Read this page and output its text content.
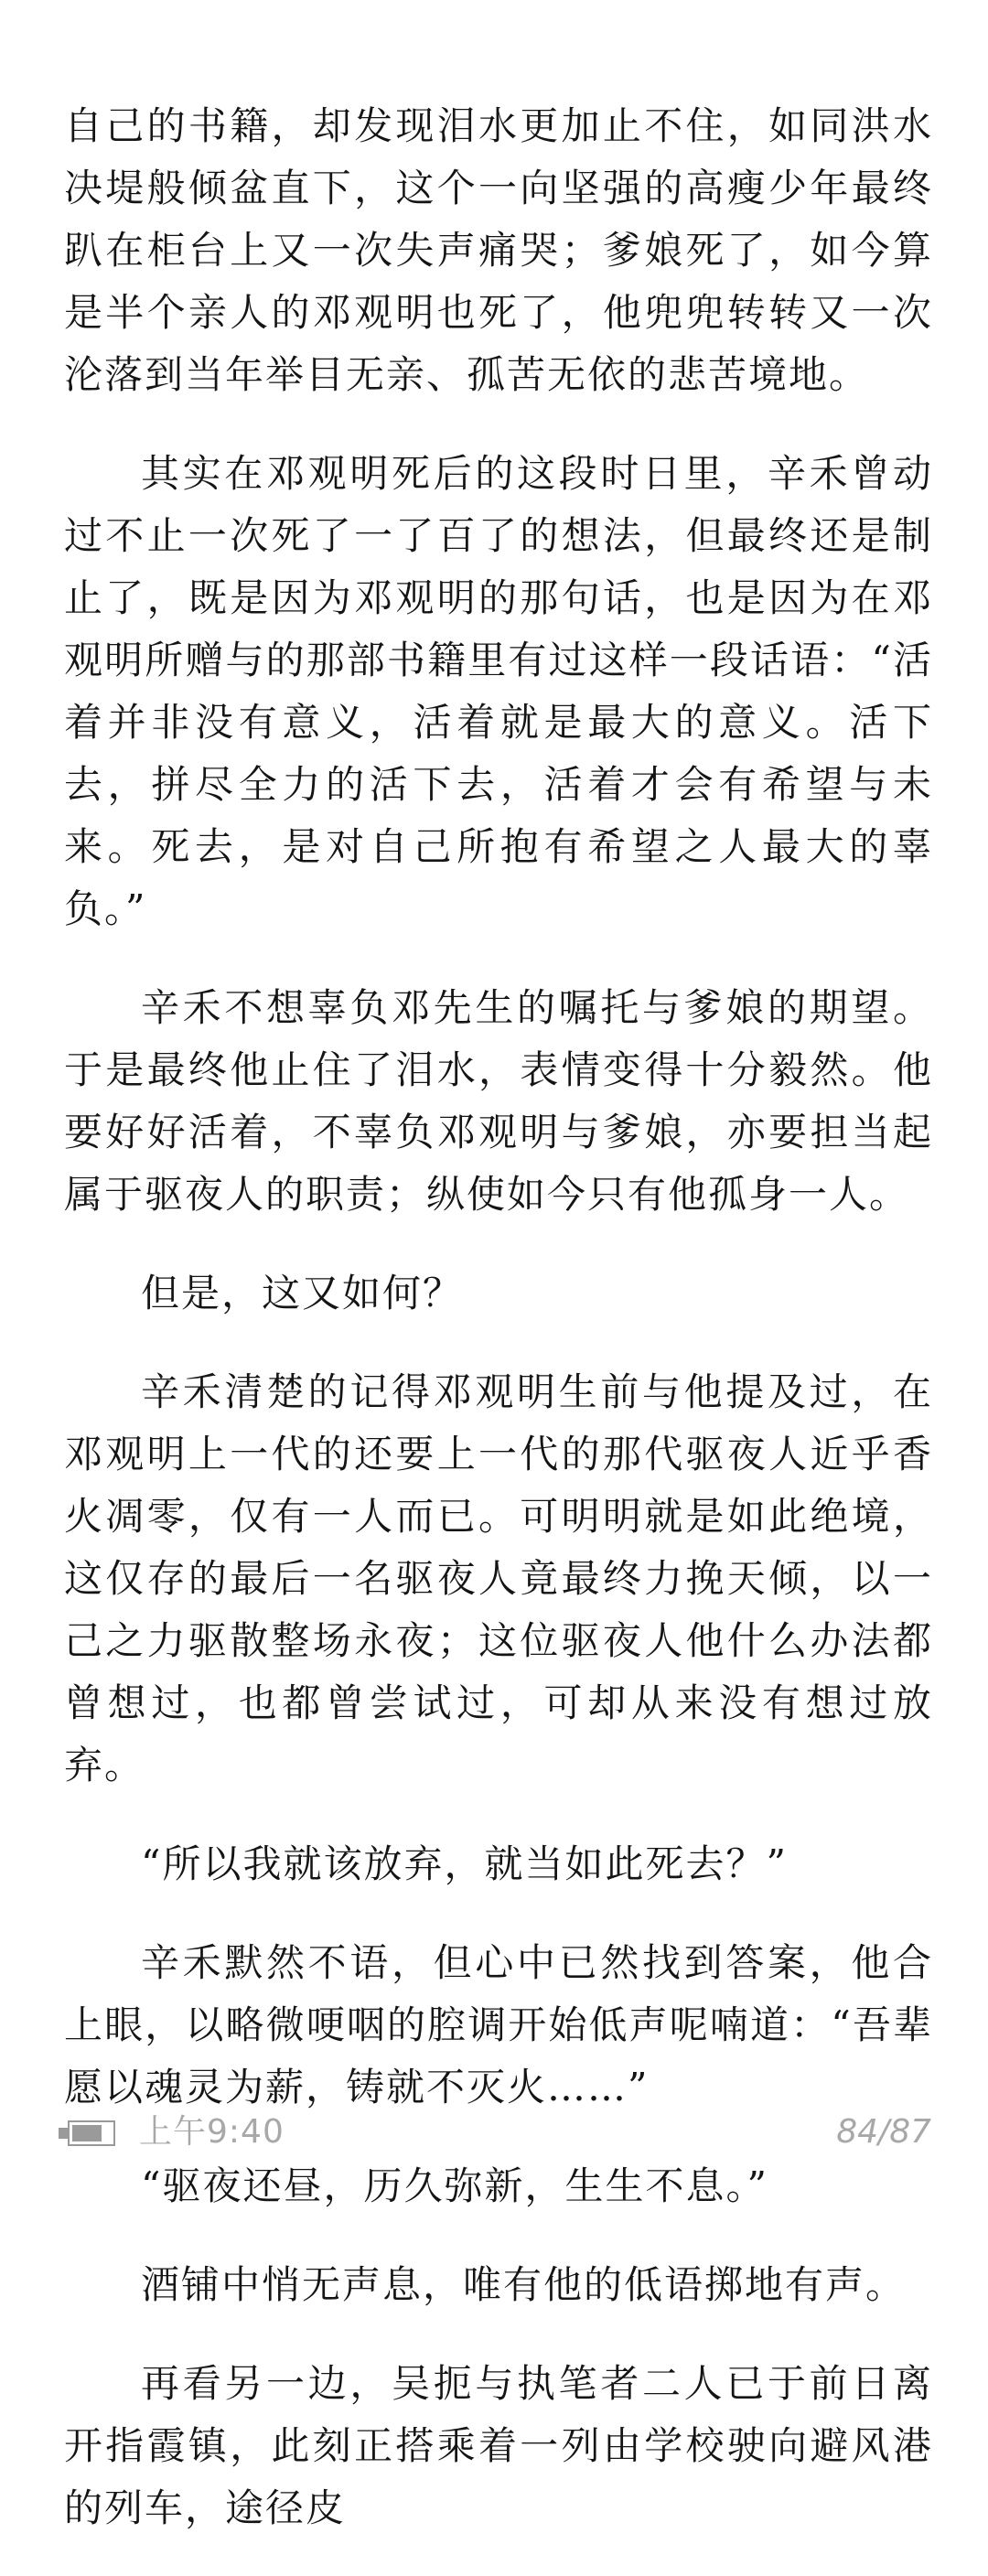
自己的书籍，却发现泪水更加止不住，如同洪水决堤般倾盆直下，这个一向坚强的高瘦少年最终趴在柜台上又一次失声痛哭；爹娘死了，如今算是半个亲人的邓观明也死了，他兜兜转转又一次沦落到当年举目无亲、孤苦无依的悲苦境地。

其实在邓观明死后的这段时日里，辛禾曾动过不止一次死了一了百了的想法，但最终还是制止了，既是因为邓观明的那句话，也是因为在邓观明所赠与的那部书籍里有过这样一段话语：“活着并非没有意义，活着就是最大的意义。活下去，拼尽全力的活下去，活着才会有希望与未来。死去，是对自己所抱有希望之人最大的辜负。”

辛禾不想辜负邓先生的嘱托与爹娘的期望。于是最终他止住了泪水，表情变得十分毅然。他要好好活着，不辜负邓观明与爹娘，亦要担当起属于驱夜人的职责；纵使如今只有他孤身一人。

但是，这又如何？

辛禾清楚的记得邓观明生前与他提及过，在邓观明上一代的还要上一代的那代驱夜人近乎香火凋零，仅有一人而已。可明明就是如此绝境，这仅存的最后一名驱夜人竟最终力挽天倾，以一己之力驱散整场永夜；这位驱夜人他什么办法都曾想过，也都曾尝试过，可却从来没有想过放弃。

“所以我就该放弃，就当如此死去？”

辛禾默然不语，但心中已然找到答案，他合上眼，以略微哽咽的腔调开始低声呢喃道：“吾辈愿以魂灵为薪，铸就不灭火……”

“驱夜还昼，历久弥新，生生不息。”

酒铺中悄无声息，唯有他的低语掷地有声。

再看另一边，吴扼与执笔者二人已于前日离开指霞镇，此刻正搭乘着一列由学校驶向避风港的列车，途径皮

上午9:40	84/87
